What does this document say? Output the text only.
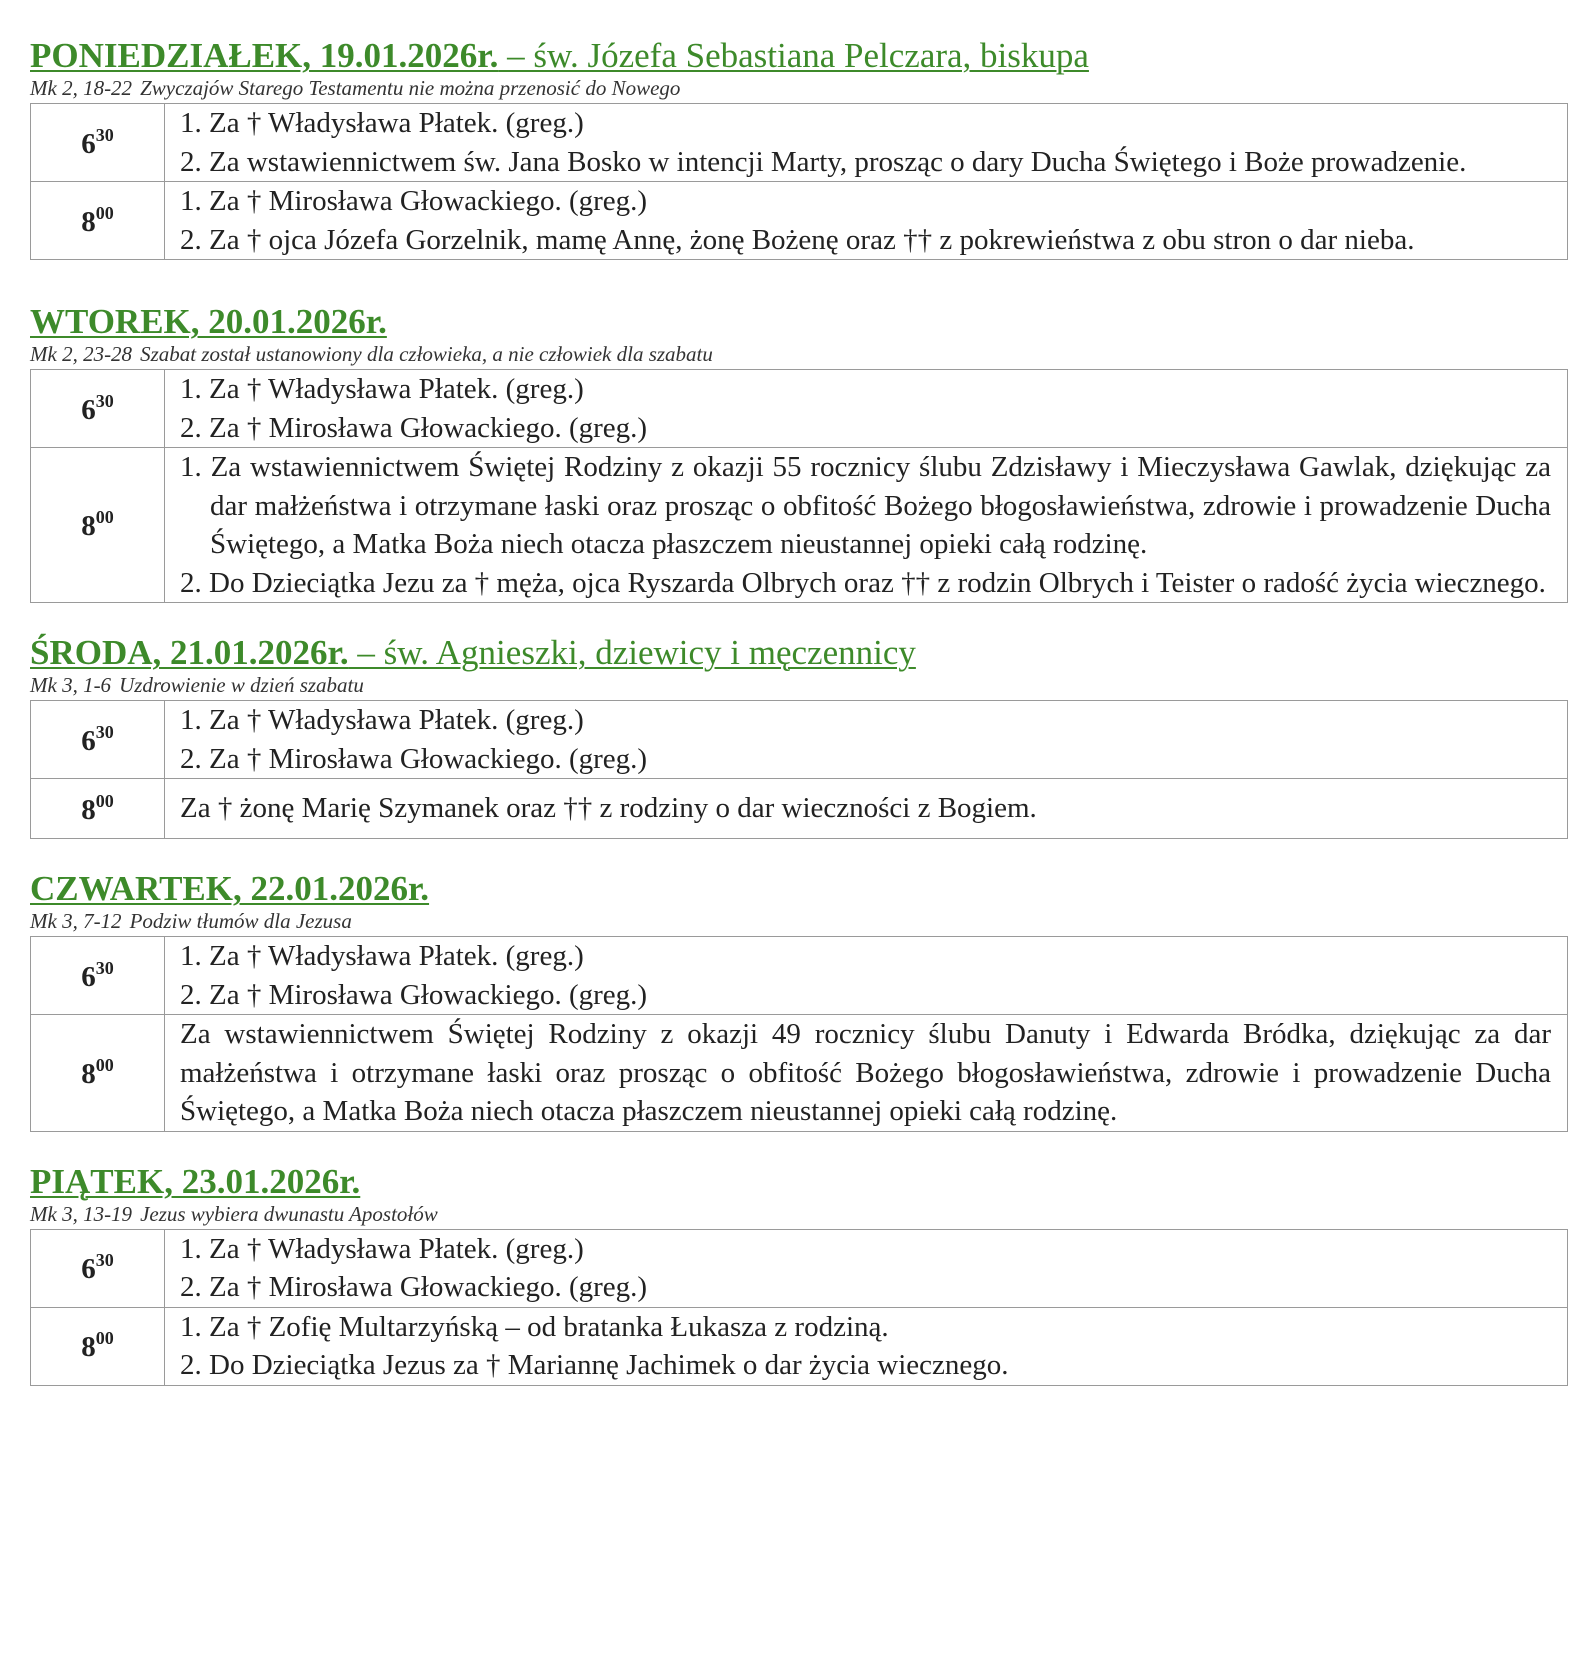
PONIEDZIAŁEK, 19.01.2026r. – św. Józefa Sebastiana Pelczara, biskupa

Mk 2, 18-22 Zwyczajów Starego Testamentu nie można przenosić do Nowego

$6^{30}$	1. Za † Władysława Płatek. (greg.)
2. Za wstawiennictwem św. Jana Bosko w intencji Marty, prosząc o dary Ducha Świętego i Boże prowadzenie.

$8^{00}$	1. Za † Mirosława Głowackiego. (greg.)
2. Za † ojca Józefa Gorzelnik, mamę Annę, żonę Bożenę oraz †† z pokrewieństwa z obu stron o dar nieba.
WTOREK, 20.01.2026r.

Mk 2, 23-28 Szabat został ustanowiony dla człowieka, a nie człowiek dla szabatu

$6^{30}$	1. Za † Władysława Płatek. (greg.)
2. Za † Mirosława Głowackiego. (greg.)

$8^{00}$	1. Za wstawiennictwem Świętej Rodziny z okazji 55 rocznicy ślubu Zdzisławy i Mieczysława Gawlak, dziękując za dar małżeństwa i otrzymane łaski oraz prosząc o obfitość Bożego błogosławieństwa, zdrowie i prowadzenie Ducha Świętego, a Matka Boża niech otacza płaszczem nieustannej opieki całą rodzinę.
2. Do Dzieciątka Jezu za † męża, ojca Ryszarda Olbrych oraz †† z rodzin Olbrych i Teister o radość życia wiecznego.
ŚRODA, 21.01.2026r. – św. Agnieszki, dziewicy i męczennicy

Mk 3, 1-6 Uzdrowienie w dzień szabatu

$6^{30}$	1. Za † Władysława Płatek. (greg.)
2. Za † Mirosława Głowackiego. (greg.)

$8^{00}$	Za † żonę Marię Szymanek oraz †† z rodziny o dar wieczności z Bogiem.
CZWARTEK, 22.01.2026r.

Mk 3, 7-12 Podziw tłumów dla Jezusa

$6^{30}$	1. Za † Władysława Płatek. (greg.)
2. Za † Mirosława Głowackiego. (greg.)

$8^{00}$	Za wstawiennictwem Świętej Rodziny z okazji 49 rocznicy ślubu Danuty i Edwarda Bródka, dziękując za dar małżeństwa i otrzymane łaski oraz prosząc o obfitość Bożego błogosławieństwa, zdrowie i prowadzenie Ducha Świętego, a Matka Boża niech otacza płaszczem nieustannej opieki całą rodzinę.
PIĄTEK, 23.01.2026r.

Mk 3, 13-19 Jezus wybiera dwunastu Apostołów

$6^{30}$	1. Za † Władysława Płatek. (greg.)
2. Za † Mirosława Głowackiego. (greg.)

$8^{00}$	1. Za † Zofię Multarzyńską – od bratanka Łukasza z rodziną.
2. Do Dzieciątka Jezus za † Mariannę Jachimek o dar życia wiecznego.
